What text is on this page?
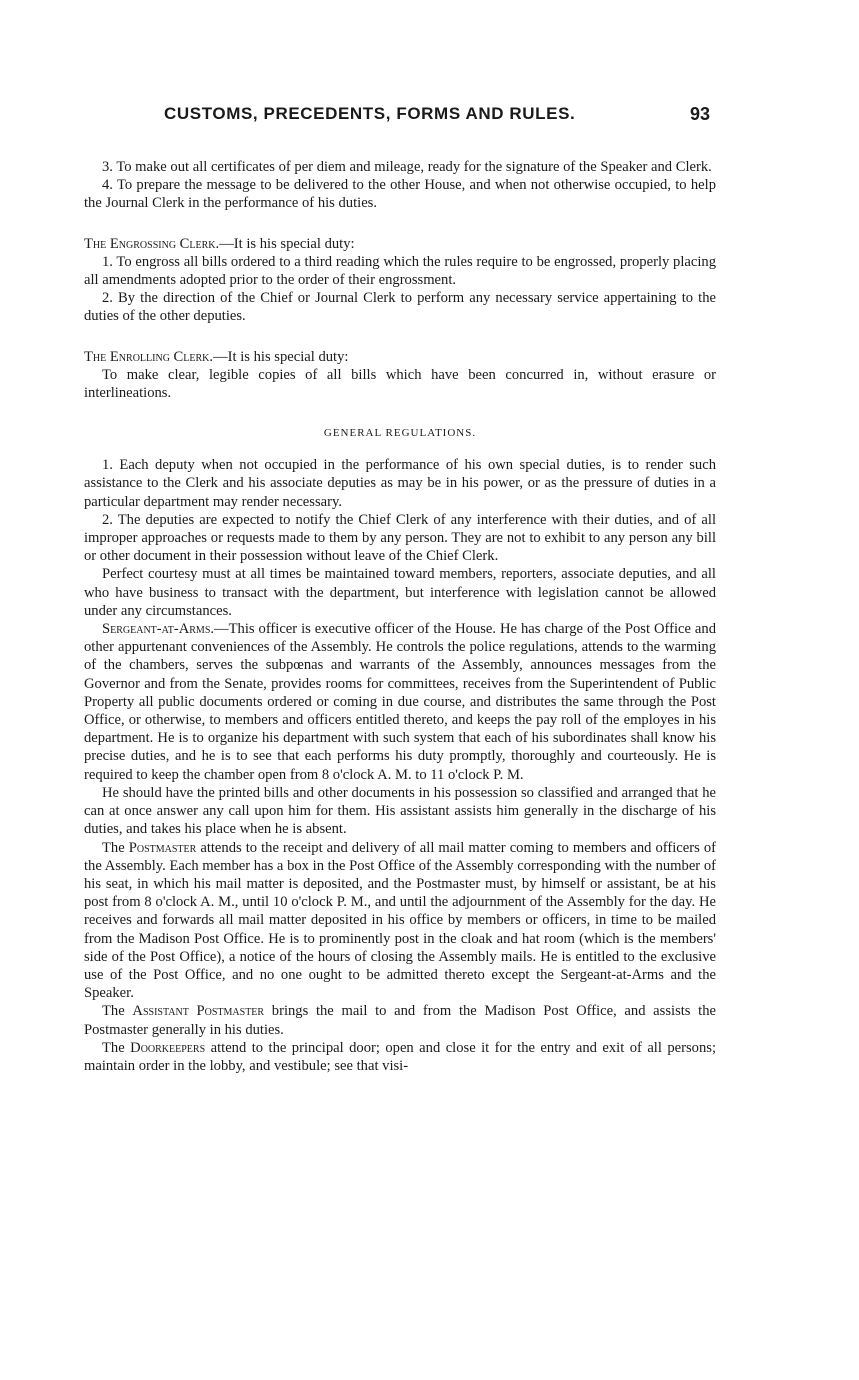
CUSTOMS, PRECEDENTS, FORMS AND RULES.	93

3. To make out all certificates of per diem and mileage, ready for the signature of the Speaker and Clerk.

4. To prepare the message to be delivered to the other House, and when not otherwise occupied, to help the Journal Clerk in the performance of his duties.

The Engrossing Clerk.—It is his special duty:

1. To engross all bills ordered to a third reading which the rules require to be engrossed, properly placing all amendments adopted prior to the order of their engrossment.

2. By the direction of the Chief or Journal Clerk to perform any necessary service appertaining to the duties of the other deputies.

The Enrolling Clerk.—It is his special duty:

To make clear, legible copies of all bills which have been concurred in, without erasure or interlineations.

GENERAL REGULATIONS.

1. Each deputy when not occupied in the performance of his own special duties, is to render such assistance to the Clerk and his associate deputies as may be in his power, or as the pressure of duties in a particular department may render necessary.

2. The deputies are expected to notify the Chief Clerk of any interference with their duties, and of all improper approaches or requests made to them by any person. They are not to exhibit to any person any bill or other document in their possession without leave of the Chief Clerk.

Perfect courtesy must at all times be maintained toward members, reporters, associate deputies, and all who have business to transact with the department, but interference with legislation cannot be allowed under any circumstances.

Sergeant-at-Arms.—This officer is executive officer of the House. He has charge of the Post Office and other appurtenant conveniences of the Assembly. He controls the police regulations, attends to the warming of the chambers, serves the subpœnas and warrants of the Assembly, announces messages from the Governor and from the Senate, provides rooms for committees, receives from the Superintendent of Public Property all public documents ordered or coming in due course, and distributes the same through the Post Office, or otherwise, to members and officers entitled thereto, and keeps the pay roll of the employes in his department. He is to organize his department with such system that each of his subordinates shall know his precise duties, and he is to see that each performs his duty promptly, thoroughly and courteously. He is required to keep the chamber open from 8 o'clock A. M. to 11 o'clock P. M.

He should have the printed bills and other documents in his possession so classified and arranged that he can at once answer any call upon him for them. His assistant assists him generally in the discharge of his duties, and takes his place when he is absent.

The Postmaster attends to the receipt and delivery of all mail matter coming to members and officers of the Assembly. Each member has a box in the Post Office of the Assembly corresponding with the number of his seat, in which his mail matter is deposited, and the Postmaster must, by himself or assistant, be at his post from 8 o'clock A. M., until 10 o'clock P. M., and until the adjournment of the Assembly for the day. He receives and forwards all mail matter deposited in his office by members or officers, in time to be mailed from the Madison Post Office. He is to prominently post in the cloak and hat room (which is the members' side of the Post Office), a notice of the hours of closing the Assembly mails. He is entitled to the exclusive use of the Post Office, and no one ought to be admitted thereto except the Sergeant-at-Arms and the Speaker.

The Assistant Postmaster brings the mail to and from the Madison Post Office, and assists the Postmaster generally in his duties.

The Doorkeepers attend to the principal door; open and close it for the entry and exit of all persons; maintain order in the lobby, and vestibule; see that visi-
